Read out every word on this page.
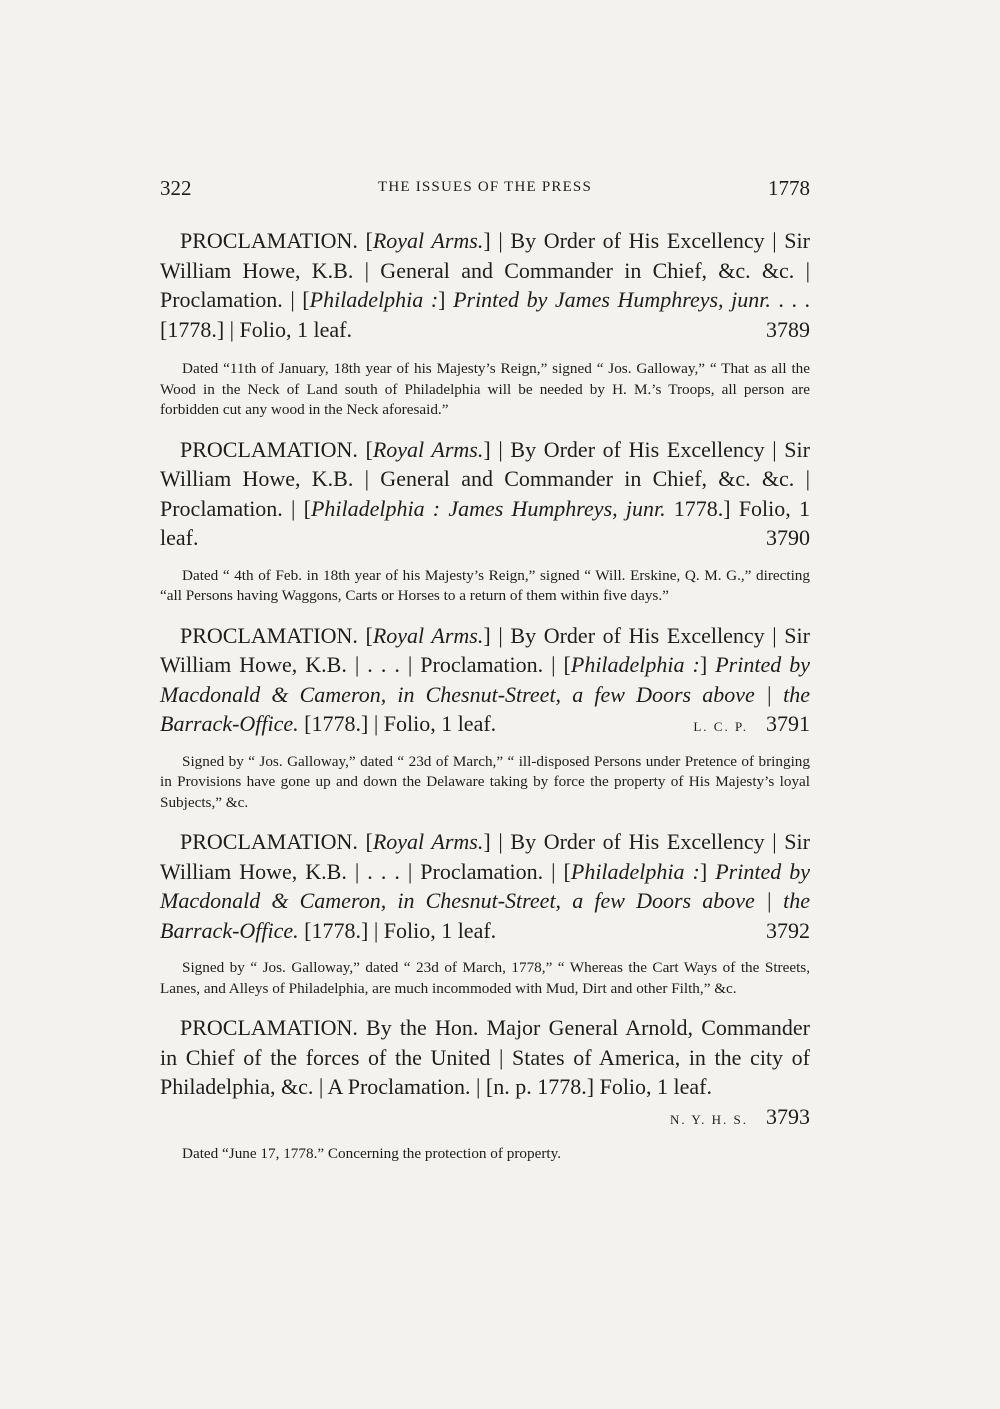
322	THE ISSUES OF THE PRESS	1778

PROCLAMATION. [Royal Arms.] | By Order of His Excellency | Sir William Howe, K.B. | General and Commander in Chief, &c. &c. | Proclamation. | [Philadelphia :] Printed by James Humphreys, junr. . . . [1778.] | Folio, 1 leaf.	3789

Dated “11th of January, 18th year of his Majesty’s Reign,” signed “ Jos. Galloway,” “ That as all the Wood in the Neck of Land south of Philadelphia will be needed by H. M.’s Troops, all person are forbidden cut any wood in the Neck aforesaid.”

PROCLAMATION. [Royal Arms.] | By Order of His Excellency | Sir William Howe, K.B. | General and Commander in Chief, &c. &c. | Proclamation. | [Philadelphia : James Humphreys, junr. 1778.] Folio, 1 leaf.	3790

Dated “ 4th of Feb. in 18th year of his Majesty’s Reign,” signed “ Will. Erskine, Q. M. G.,” directing “all Persons having Waggons, Carts or Horses to a return of them within five days.”

PROCLAMATION. [Royal Arms.] | By Order of His Excellency | Sir William Howe, K.B. | . . . | Proclamation. | [Philadelphia :] Printed by Macdonald & Cameron, in Chesnut-Street, a few Doors above | the Barrack-Office. [1778.] | Folio, 1 leaf.	L. C. P. 3791

Signed by “ Jos. Galloway,” dated “ 23d of March,” “ ill-disposed Persons under Pretence of bringing in Provisions have gone up and down the Delaware taking by force the property of His Majesty’s loyal Subjects,” &c.

PROCLAMATION. [Royal Arms.] | By Order of His Excellency | Sir William Howe, K.B. | . . . | Proclamation. | [Philadelphia :] Printed by Macdonald & Cameron, in Chesnut-Street, a few Doors above | the Barrack-Office. [1778.] | Folio, 1 leaf.	3792

Signed by “ Jos. Galloway,” dated “ 23d of March, 1778,” “ Whereas the Cart Ways of the Streets, Lanes, and Alleys of Philadelphia, are much incommoded with Mud, Dirt and other Filth,” &c.

PROCLAMATION. By the Hon. Major General Arnold, Commander in Chief of the forces of the United | States of America, in the city of Philadelphia, &c. | A Proclamation. | [n. p. 1778.] Folio, 1 leaf.
N. Y. H. S. 3793

Dated “June 17, 1778.” Concerning the protection of property.
